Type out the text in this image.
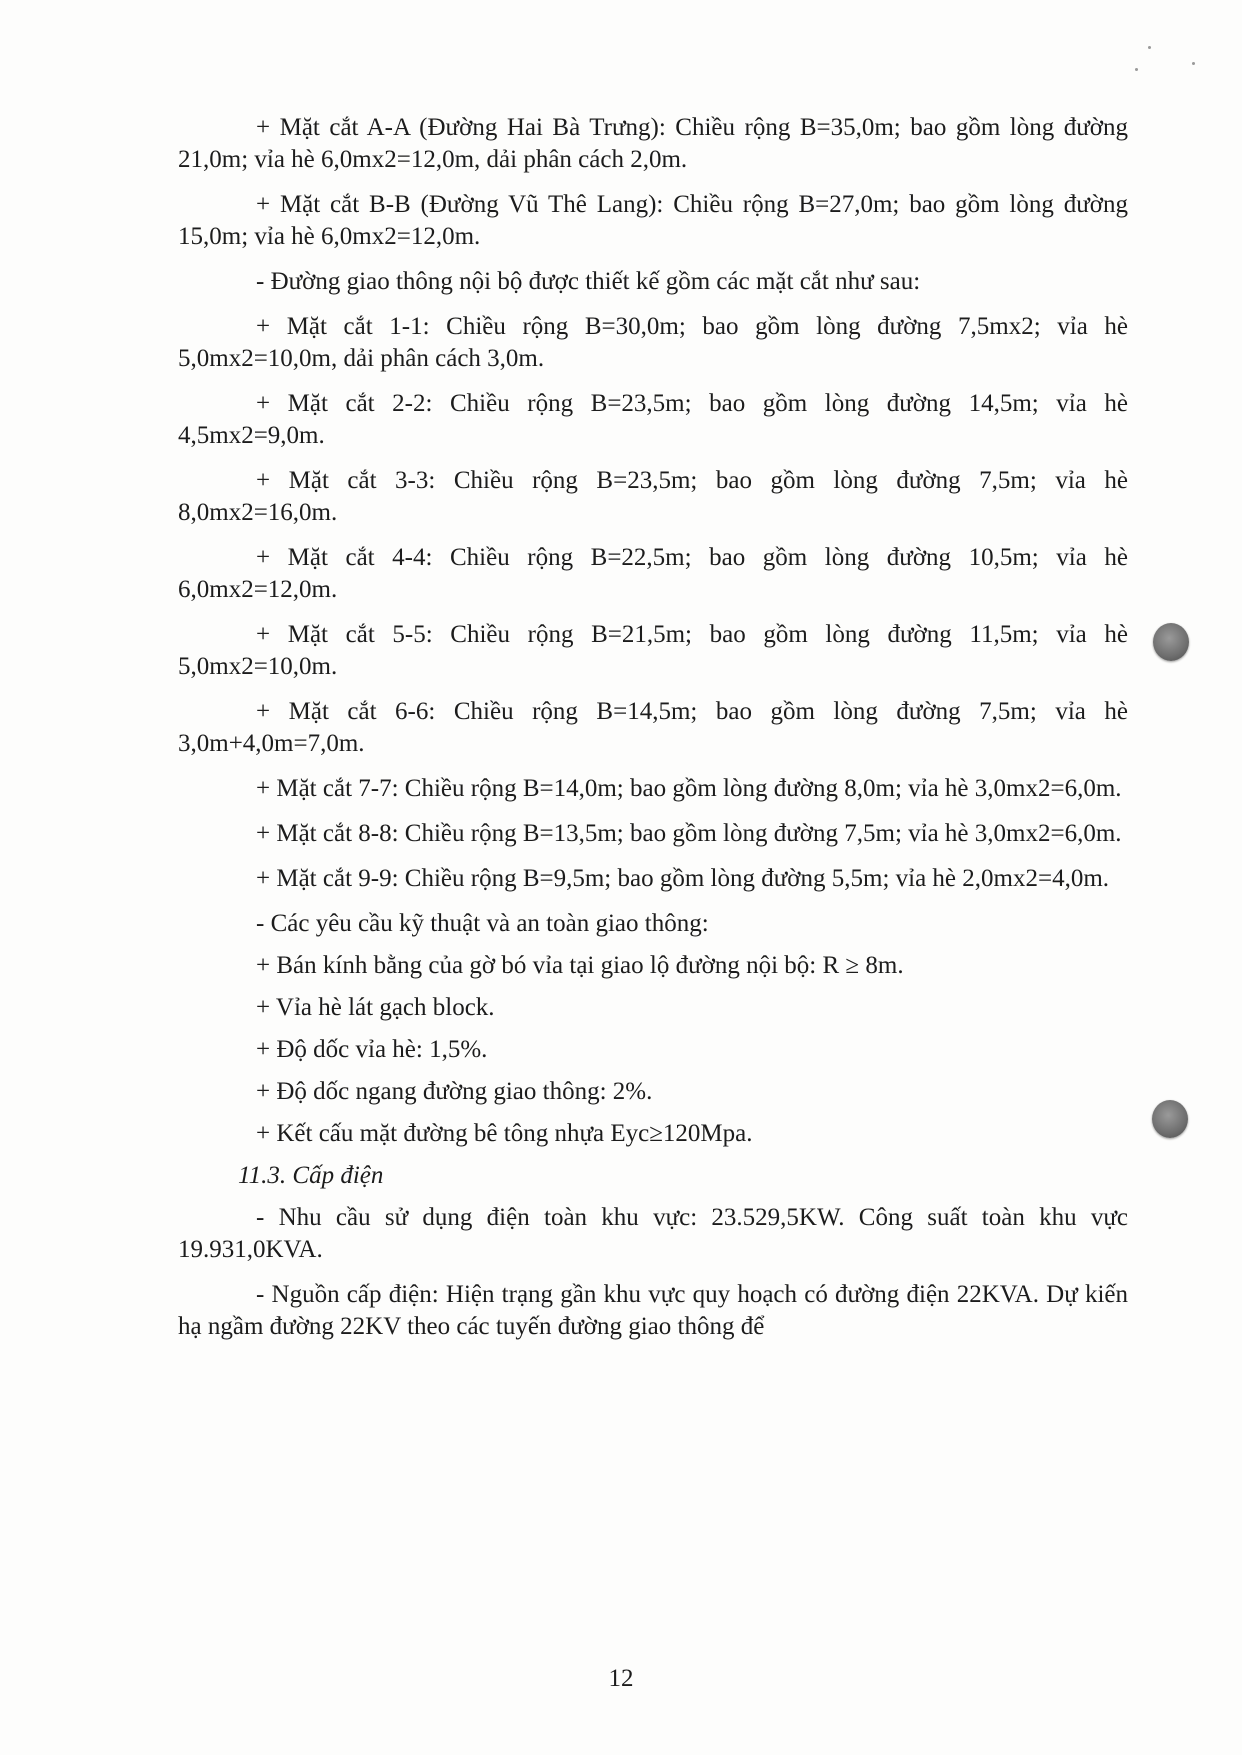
+ Mặt cắt A-A (Đường Hai Bà Trưng): Chiều rộng B=35,0m; bao gồm lòng đường 21,0m; vỉa hè 6,0mx2=12,0m, dải phân cách 2,0m.

+ Mặt cắt B-B (Đường Vũ Thê Lang): Chiều rộng B=27,0m; bao gồm lòng đường 15,0m; vỉa hè 6,0mx2=12,0m.

- Đường giao thông nội bộ được thiết kế gồm các mặt cắt như sau:

+ Mặt cắt 1-1: Chiều rộng B=30,0m; bao gồm lòng đường 7,5mx2; vỉa hè 5,0mx2=10,0m, dải phân cách 3,0m.

+ Mặt cắt 2-2: Chiều rộng B=23,5m; bao gồm lòng đường 14,5m; vỉa hè 4,5mx2=9,0m.

+ Mặt cắt 3-3: Chiều rộng B=23,5m; bao gồm lòng đường 7,5m; vỉa hè 8,0mx2=16,0m.

+ Mặt cắt 4-4: Chiều rộng B=22,5m; bao gồm lòng đường 10,5m; vỉa hè 6,0mx2=12,0m.

+ Mặt cắt 5-5: Chiều rộng B=21,5m; bao gồm lòng đường 11,5m; vỉa hè 5,0mx2=10,0m.

+ Mặt cắt 6-6: Chiều rộng B=14,5m; bao gồm lòng đường 7,5m; vỉa hè 3,0m+4,0m=7,0m.

+ Mặt cắt 7-7: Chiều rộng B=14,0m; bao gồm lòng đường 8,0m; vỉa hè 3,0mx2=6,0m.

+ Mặt cắt 8-8: Chiều rộng B=13,5m; bao gồm lòng đường 7,5m; vỉa hè 3,0mx2=6,0m.

+ Mặt cắt 9-9: Chiều rộng B=9,5m; bao gồm lòng đường 5,5m; vỉa hè 2,0mx2=4,0m.

- Các yêu cầu kỹ thuật và an toàn giao thông:

+ Bán kính bằng của gờ bó vỉa tại giao lộ đường nội bộ: R ≥ 8m.

+ Vỉa hè lát gạch block.

+ Độ dốc vỉa hè: 1,5%.

+ Độ dốc ngang đường giao thông: 2%.

+ Kết cấu mặt đường bê tông nhựa Eyc≥120Mpa.

11.3. Cấp điện

- Nhu cầu sử dụng điện toàn khu vực: 23.529,5KW. Công suất toàn khu vực 19.931,0KVA.

- Nguồn cấp điện: Hiện trạng gần khu vực quy hoạch có đường điện 22KVA. Dự kiến hạ ngầm đường 22KV theo các tuyến đường giao thông để

12
